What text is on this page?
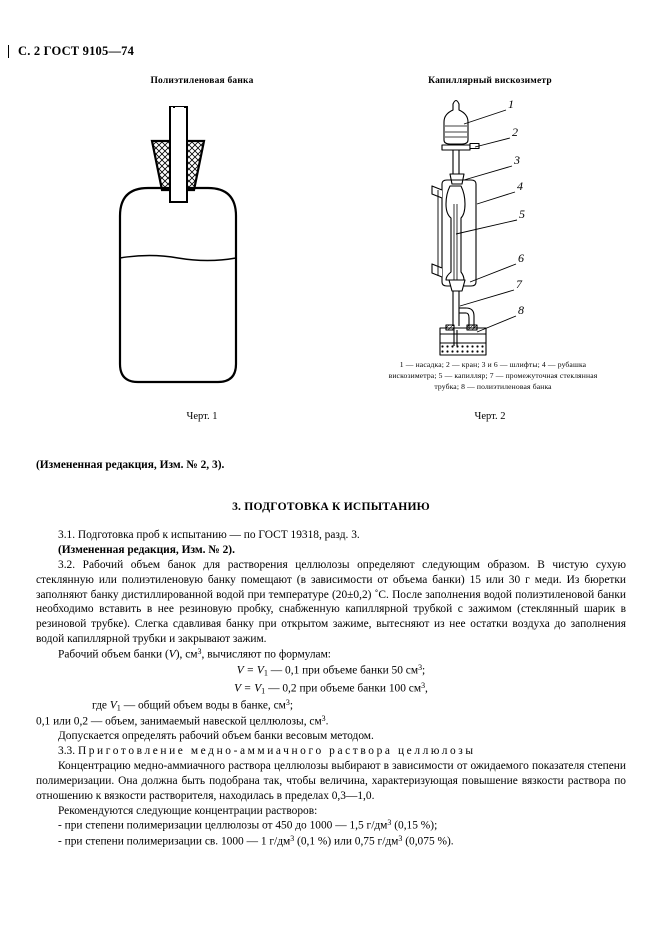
С. 2 ГОСТ 9105—74
Полиэтиленовая банка	Капиллярный вискозиметр
1
2
3
4
5
6
7
8
1 — насадка; 2 — кран; 3 и 6 — шлифты; 4 — рубашка
вискозиметра; 5 — капилляр; 7 — промежуточная стеклянная
трубка; 8 — полиэтиленовая банка
Черт. 1	Черт. 2

(Измененная редакция, Изм. № 2, 3).

3. ПОДГОТОВКА К ИСПЫТАНИЮ

3.1. Подготовка проб к испытанию — по ГОСТ 19318, разд. 3.

(Измененная редакция, Изм. № 2).

3.2. Рабочий объем банок для растворения целлюлозы определяют следующим образом. В чистую сухую стеклянную или полиэтиленовую банку помещают (в зависимости от объема банки) 15 или 30 г меди. Из бюретки заполняют банку дистиллированной водой при температуре (20±0,2) ˚С. После заполнения водой полиэтиленовой банки необходимо вставить в нее резиновую пробку, снабженную капиллярной трубкой с зажимом (стеклянный шарик в резиновой трубке). Слегка сдавливая банку при открытом зажиме, вытесняют из нее остатки воздуха до заполнения водой капиллярной трубки и закрывают зажим.

Рабочий объем банки (V), $см^3$, вычисляют по формулам:

$V = V_1$ — 0,1 при объеме банки 50 $см^3$;

$V = V_1$ — 0,2 при объеме банки 100 $см^3$,

где $V_1$ — общий объем воды в банке, $см^3$;

0,1 или 0,2 — объем, занимаемый навеской целлюлозы, $см^3$.

Допускается определять рабочий объем банки весовым методом.

3.3. Приготовление медно-аммиачного раствора целлюлозы

Концентрацию медно-аммиачного раствора целлюлозы выбирают в зависимости от ожидаемого показателя степени полимеризации. Она должна быть подобрана так, чтобы величина, характеризующая повышение вязкости раствора по отношению к вязкости растворителя, находилась в пределах 0,3—1,0.

Рекомендуются следующие концентрации растворов:

- при степени полимеризации целлюлозы от 450 до 1000 — 1,5 $г/дм^3$ (0,15 %);

- при степени полимеризации св. 1000 — 1 $г/дм^3$ (0,1 %) или 0,75 $г/дм^3$ (0,075 %).
